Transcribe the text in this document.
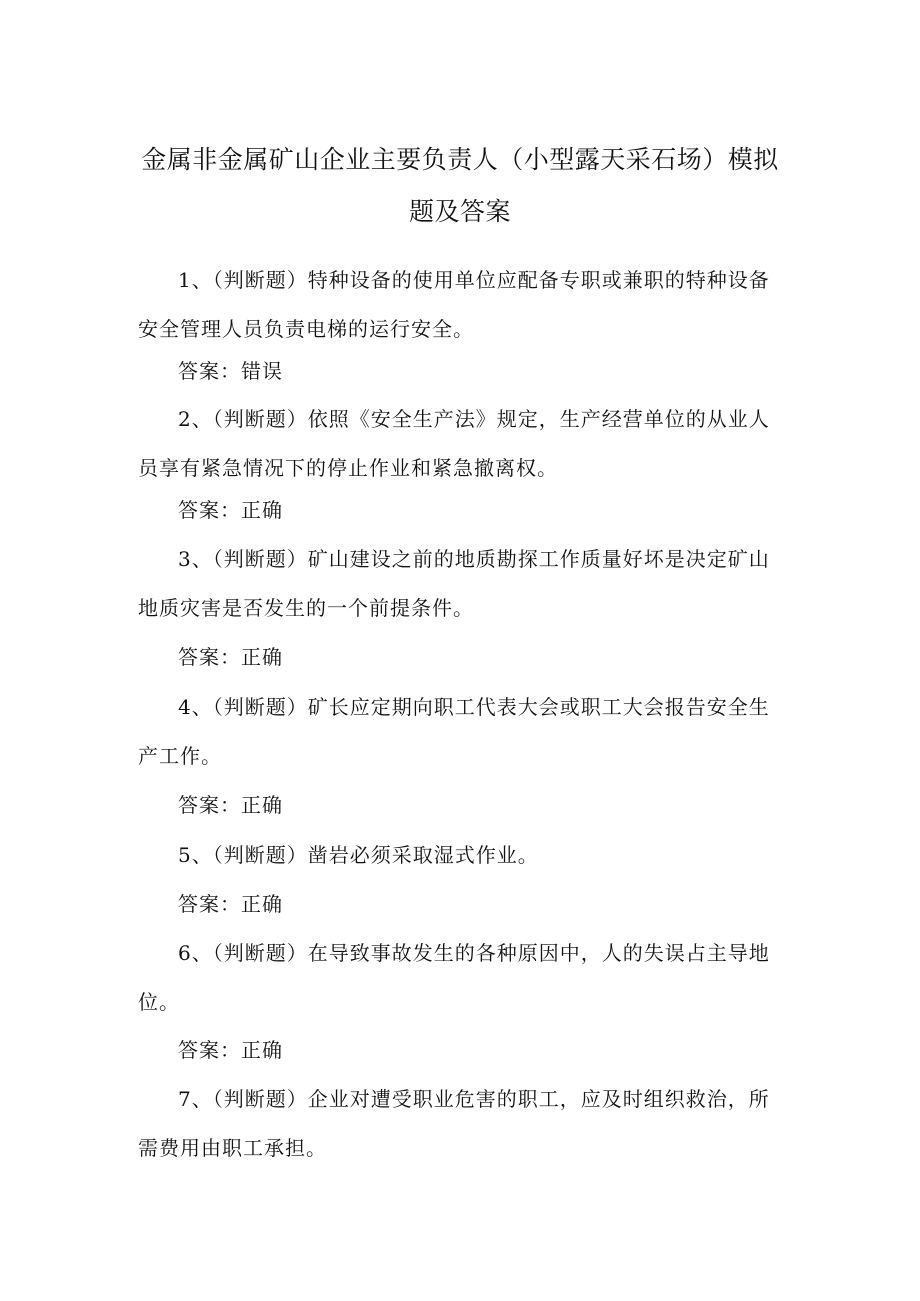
金属非金属矿山企业主要负责人（小型露天采石场）模拟题及答案

1、（判断题）特种设备的使用单位应配备专职或兼职的特种设备安全管理人员负责电梯的运行安全。

答案：错误

2、（判断题）依照《安全生产法》规定，生产经营单位的从业人员享有紧急情况下的停止作业和紧急撤离权。

答案：正确

3、（判断题）矿山建设之前的地质勘探工作质量好坏是决定矿山地质灾害是否发生的一个前提条件。

答案：正确

4、（判断题）矿长应定期向职工代表大会或职工大会报告安全生产工作。

答案：正确

5、（判断题）凿岩必须采取湿式作业。

答案：正确

6、（判断题）在导致事故发生的各种原因中，人的失误占主导地位。

答案：正确

7、（判断题）企业对遭受职业危害的职工，应及时组织救治，所需费用由职工承担。
